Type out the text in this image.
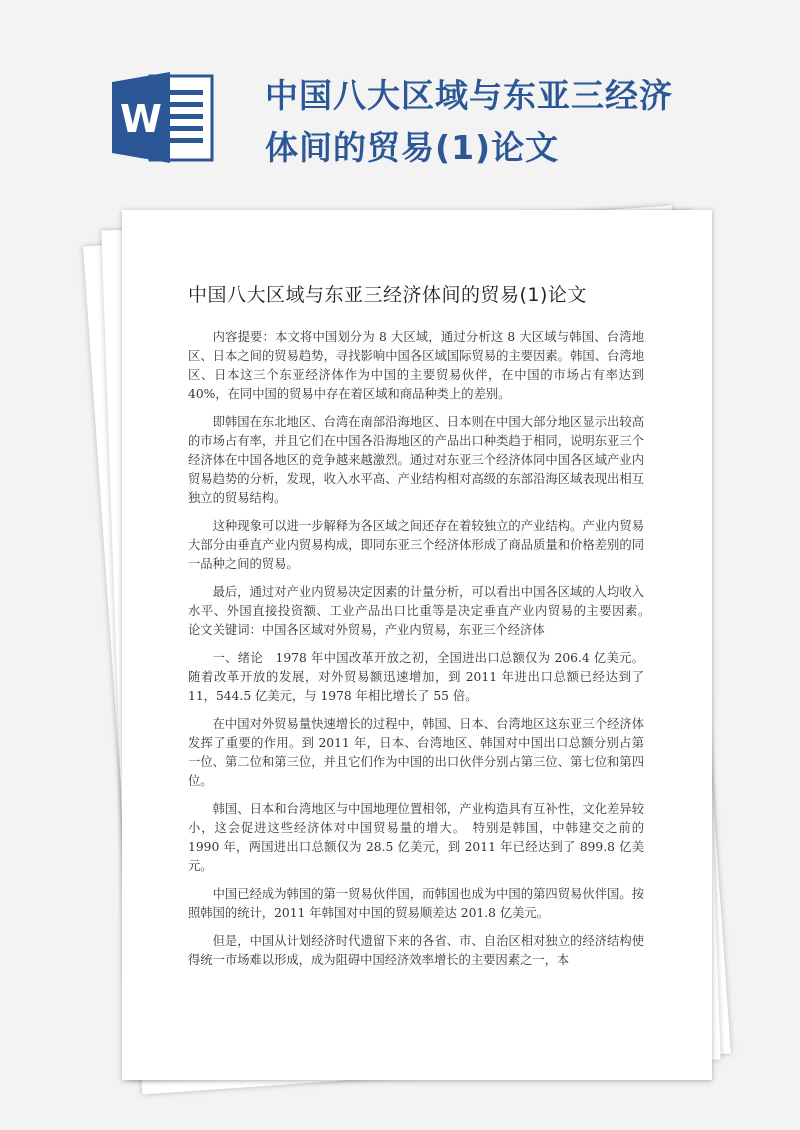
W
中国八大区域与东亚三经济体间的贸易(1)论文
中国八大区域与东亚三经济体间的贸易(1)论文

内容提要：本文将中国划分为 8 大区域，通过分析这 8 大区域与韩国、台湾地区、日本之间的贸易趋势，寻找影响中国各区域国际贸易的主要因素。韩国、台湾地区、日本这三个东亚经济体作为中国的主要贸易伙伴，在中国的市场占有率达到 40%，在同中国的贸易中存在着区域和商品种类上的差别。

即韩国在东北地区、台湾在南部沿海地区、日本则在中国大部分地区显示出较高的市场占有率，并且它们在中国各沿海地区的产品出口种类趋于相同，说明东亚三个经济体在中国各地区的竞争越来越激烈。通过对东亚三个经济体同中国各区域产业内贸易趋势的分析，发现，收入水平高、产业结构相对高级的东部沿海区域表现出相互独立的贸易结构。

这种现象可以进一步解释为各区域之间还存在着较独立的产业结构。产业内贸易大部分由垂直产业内贸易构成，即同东亚三个经济体形成了商品质量和价格差别的同一品种之间的贸易。

最后，通过对产业内贸易决定因素的计量分析，可以看出中国各区域的人均收入水平、外国直接投资额、工业产品出口比重等是决定垂直产业内贸易的主要因素。　论文关键词：中国各区域对外贸易，产业内贸易，东亚三个经济体

一、绪论　1978 年中国改革开放之初，全国进出口总额仅为 206.4 亿美元。随着改革开放的发展，对外贸易额迅速增加，到 2011 年进出口总额已经达到了 11，544.5 亿美元，与 1978 年相比增长了 55 倍。

在中国对外贸易量快速增长的过程中，韩国、日本、台湾地区这东亚三个经济体发挥了重要的作用。到 2011 年，日本、台湾地区、韩国对中国出口总额分别占第一位、第二位和第三位，并且它们作为中国的出口伙伴分别占第三位、第七位和第四位。

韩国、日本和台湾地区与中国地理位置相邻，产业构造具有互补性，文化差异较小，这会促进这些经济体对中国贸易量的增大。　特别是韩国，中韩建交之前的 1990 年，两国进出口总额仅为 28.5 亿美元，到 2011 年已经达到了 899.8 亿美元。

中国已经成为韩国的第一贸易伙伴国，而韩国也成为中国的第四贸易伙伴国。按照韩国的统计，2011 年韩国对中国的贸易顺差达 201.8 亿美元。

但是，中国从计划经济时代遗留下来的各省、市、自治区相对独立的经济结构使得统一市场难以形成，成为阻碍中国经济效率增长的主要因素之一，本
